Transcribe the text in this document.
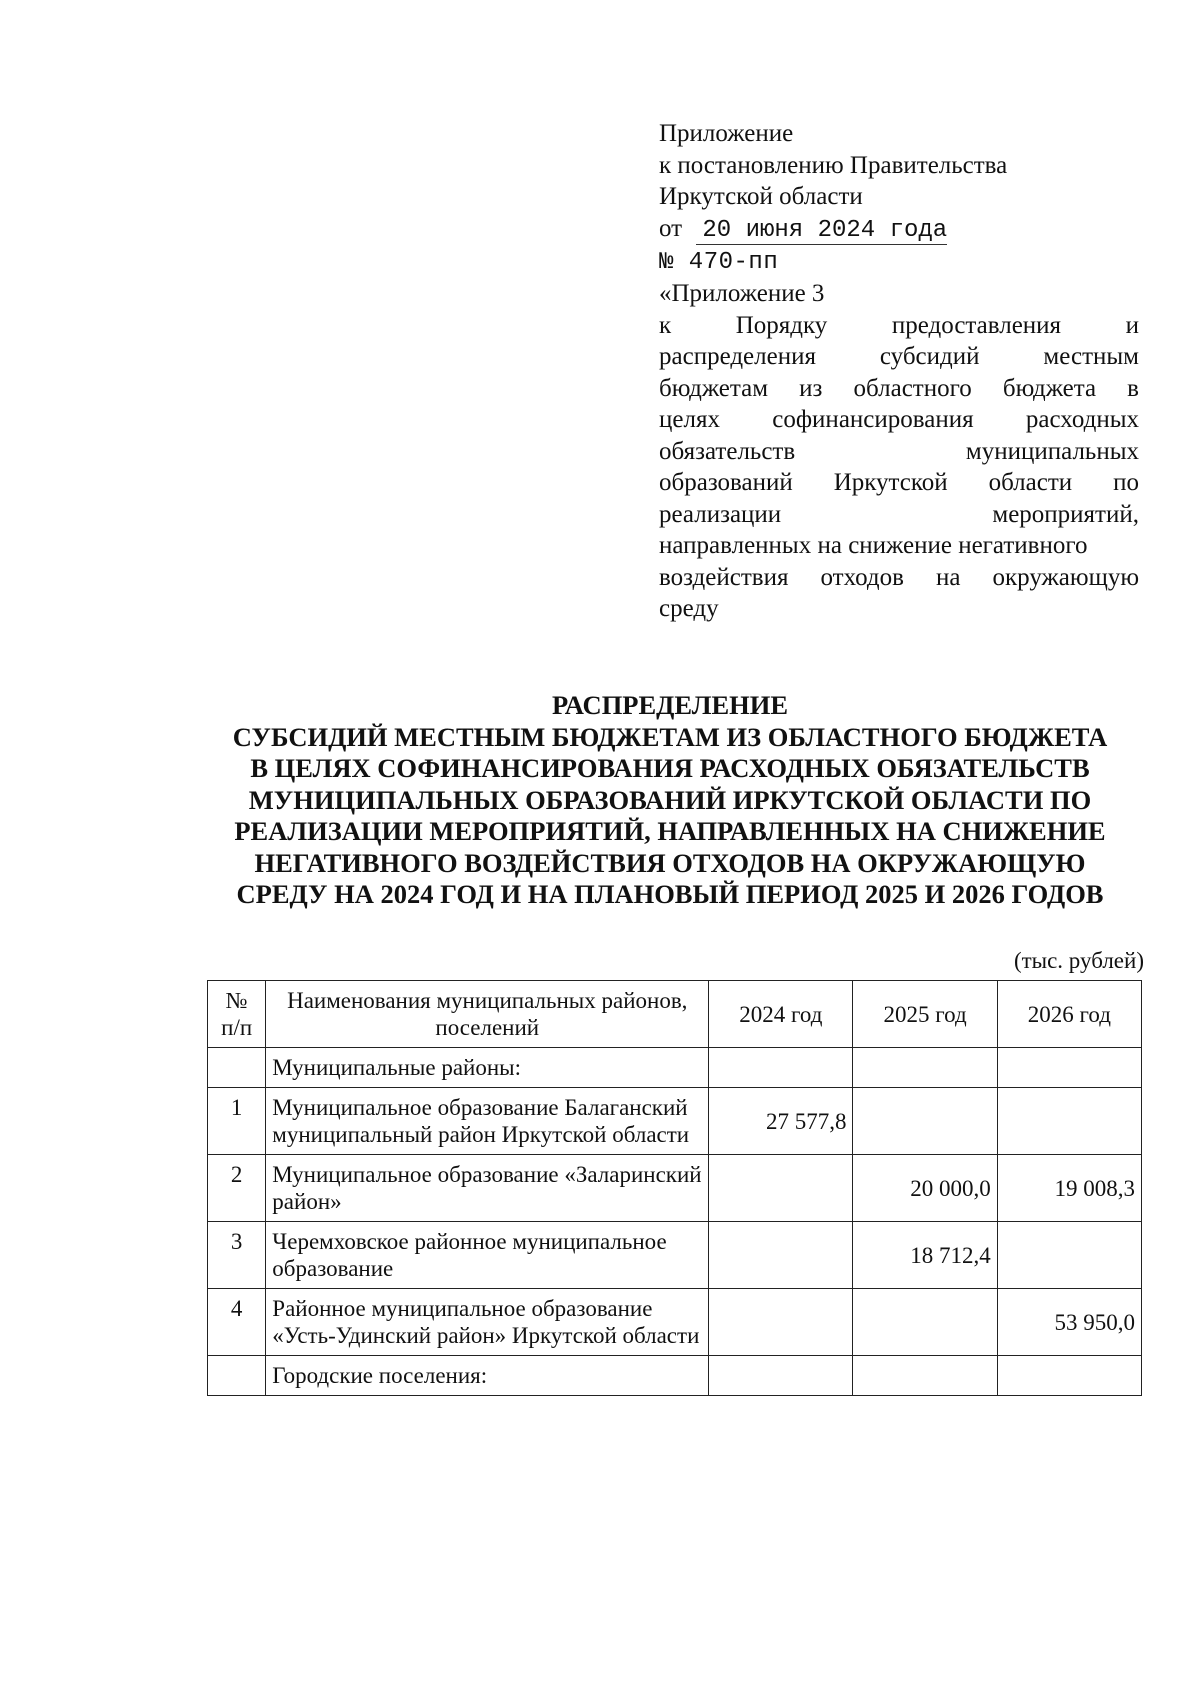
Приложение
к постановлению Правительства
Иркутской области
от 20 июня 2024 года
№ 470-пп
«Приложение 3
к Порядку предоставления и
распределения субсидий местным
бюджетам из областного бюджета в
целях софинансирования расходных
обязательств муниципальных
образований Иркутской области по
реализации мероприятий,
направленных на снижение негативного
воздействия отходов на окружающую
среду
РАСПРЕДЕЛЕНИЕ
СУБСИДИЙ МЕСТНЫМ БЮДЖЕТАМ ИЗ ОБЛАСТНОГО БЮДЖЕТА
В ЦЕЛЯХ СОФИНАНСИРОВАНИЯ РАСХОДНЫХ ОБЯЗАТЕЛЬСТВ
МУНИЦИПАЛЬНЫХ ОБРАЗОВАНИЙ ИРКУТСКОЙ ОБЛАСТИ ПО
РЕАЛИЗАЦИИ МЕРОПРИЯТИЙ, НАПРАВЛЕННЫХ НА СНИЖЕНИЕ
НЕГАТИВНОГО ВОЗДЕЙСТВИЯ ОТХОДОВ НА ОКРУЖАЮЩУЮ
СРЕДУ НА 2024 ГОД И НА ПЛАНОВЫЙ ПЕРИОД 2025 И 2026 ГОДОВ
(тыс. рублей)
№ п/п	Наименования муниципальных районов, поселений	2024 год	2025 год	2026 год
	Муниципальные районы:			
1	Муниципальное образование Балаганский муниципальный район Иркутской области	27 577,8		
2	Муниципальное образование «Заларинский район»		20 000,0	19 008,3
3	Черемховское районное муниципальное образование		18 712,4	
4	Районное муниципальное образование «Усть-Удинский район» Иркутской области			53 950,0
	Городские поселения:			
